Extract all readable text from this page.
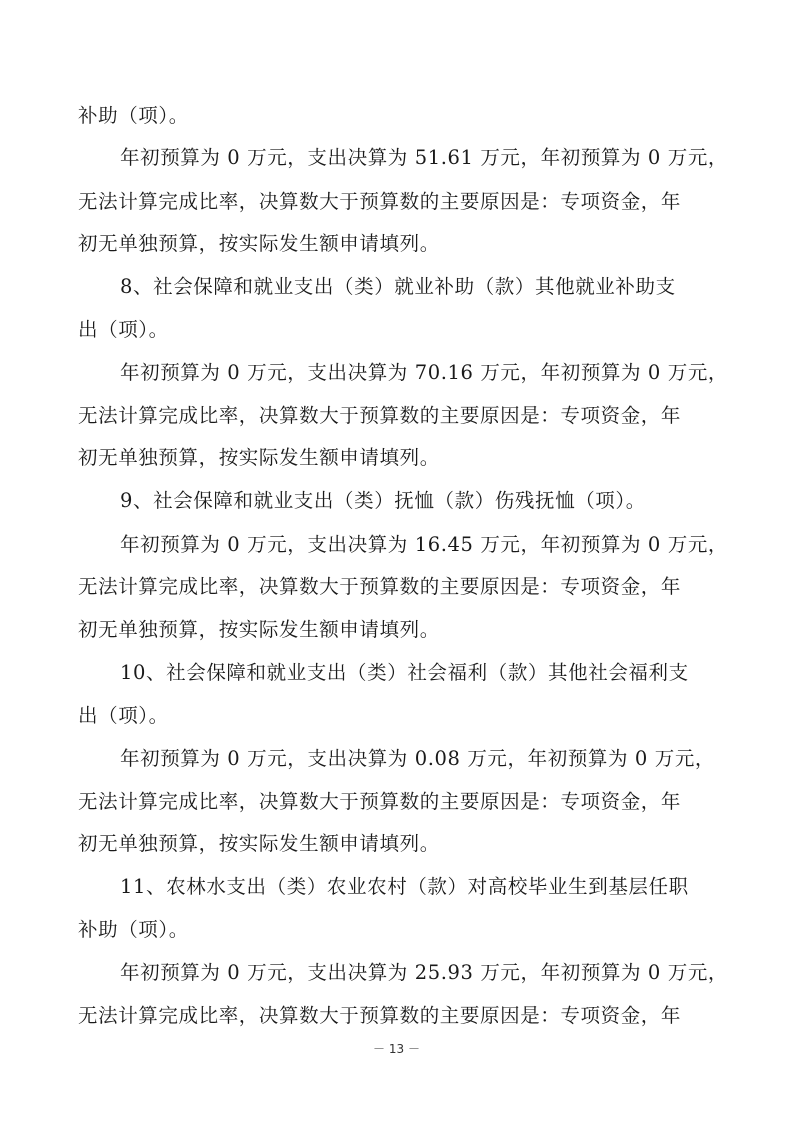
补助（项）。
年初预算为 0 万元，支出决算为 51.61 万元，年初预算为 0 万元，
无法计算完成比率，决算数大于预算数的主要原因是：专项资金，年
初无单独预算，按实际发生额申请填列。
8、社会保障和就业支出（类）就业补助（款）其他就业补助支
出（项）。
年初预算为 0 万元，支出决算为 70.16 万元，年初预算为 0 万元，
无法计算完成比率，决算数大于预算数的主要原因是：专项资金，年
初无单独预算，按实际发生额申请填列。
9、社会保障和就业支出（类）抚恤（款）伤残抚恤（项）。
年初预算为 0 万元，支出决算为 16.45 万元，年初预算为 0 万元，
无法计算完成比率，决算数大于预算数的主要原因是：专项资金，年
初无单独预算，按实际发生额申请填列。
10、社会保障和就业支出（类）社会福利（款）其他社会福利支
出（项）。
年初预算为 0 万元，支出决算为 0.08 万元，年初预算为 0 万元，
无法计算完成比率，决算数大于预算数的主要原因是：专项资金，年
初无单独预算，按实际发生额申请填列。
11、农林水支出（类）农业农村（款）对高校毕业生到基层任职
补助（项）。
年初预算为 0 万元，支出决算为 25.93 万元，年初预算为 0 万元，
无法计算完成比率，决算数大于预算数的主要原因是：专项资金，年
－ 13 －
